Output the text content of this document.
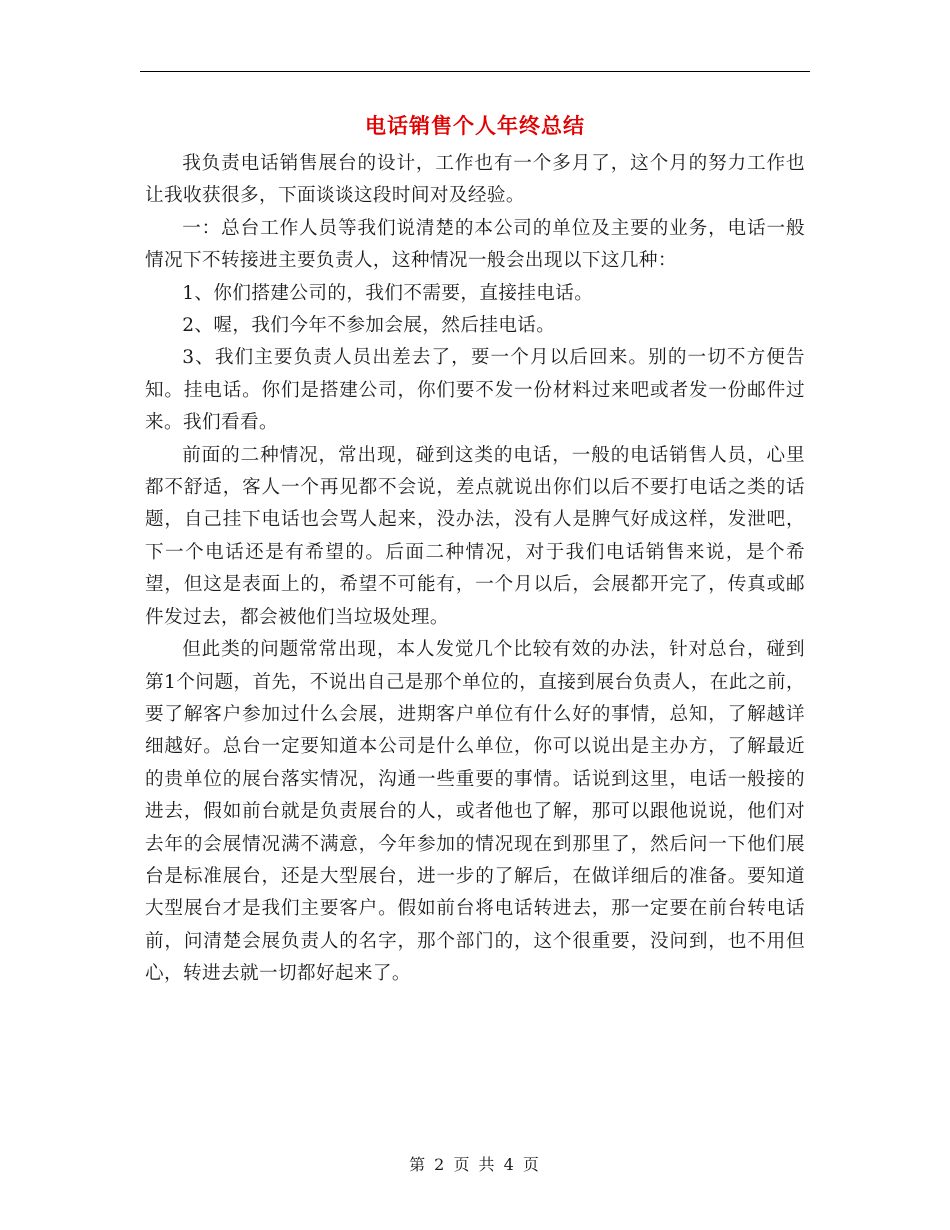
电话销售个人年终总结

我负责电话销售展台的设计，工作也有一个多月了，这个月的努力工作也让我收获很多，下面谈谈这段时间对及经验。

一：总台工作人员等我们说清楚的本公司的单位及主要的业务，电话一般情况下不转接进主要负责人，这种情况一般会出现以下这几种：

1、你们搭建公司的，我们不需要，直接挂电话。

2、喔，我们今年不参加会展，然后挂电话。

3、我们主要负责人员出差去了，要一个月以后回来。别的一切不方便告知。挂电话。你们是搭建公司，你们要不发一份材料过来吧或者发一份邮件过来。我们看看。

前面的二种情况，常出现，碰到这类的电话，一般的电话销售人员，心里都不舒适，客人一个再见都不会说，差点就说出你们以后不要打电话之类的话题，自己挂下电话也会骂人起来，没办法，没有人是脾气好成这样，发泄吧，下一个电话还是有希望的。后面二种情况，对于我们电话销售来说，是个希望，但这是表面上的，希望不可能有，一个月以后，会展都开完了，传真或邮件发过去，都会被他们当垃圾处理。

但此类的问题常常出现，本人发觉几个比较有效的办法，针对总台，碰到第1个问题，首先，不说出自己是那个单位的，直接到展台负责人，在此之前，要了解客户参加过什么会展，进期客户单位有什么好的事情，总知，了解越详细越好。总台一定要知道本公司是什么单位，你可以说出是主办方，了解最近的贵单位的展台落实情况，沟通一些重要的事情。话说到这里，电话一般接的进去，假如前台就是负责展台的人，或者他也了解，那可以跟他说说，他们对去年的会展情况满不满意，今年参加的情况现在到那里了，然后问一下他们展台是标准展台，还是大型展台，进一步的了解后，在做详细后的准备。要知道大型展台才是我们主要客户。假如前台将电话转进去，那一定要在前台转电话前，问清楚会展负责人的名字，那个部门的，这个很重要，没问到，也不用但心，转进去就一切都好起来了。

第 2 页 共 4 页
